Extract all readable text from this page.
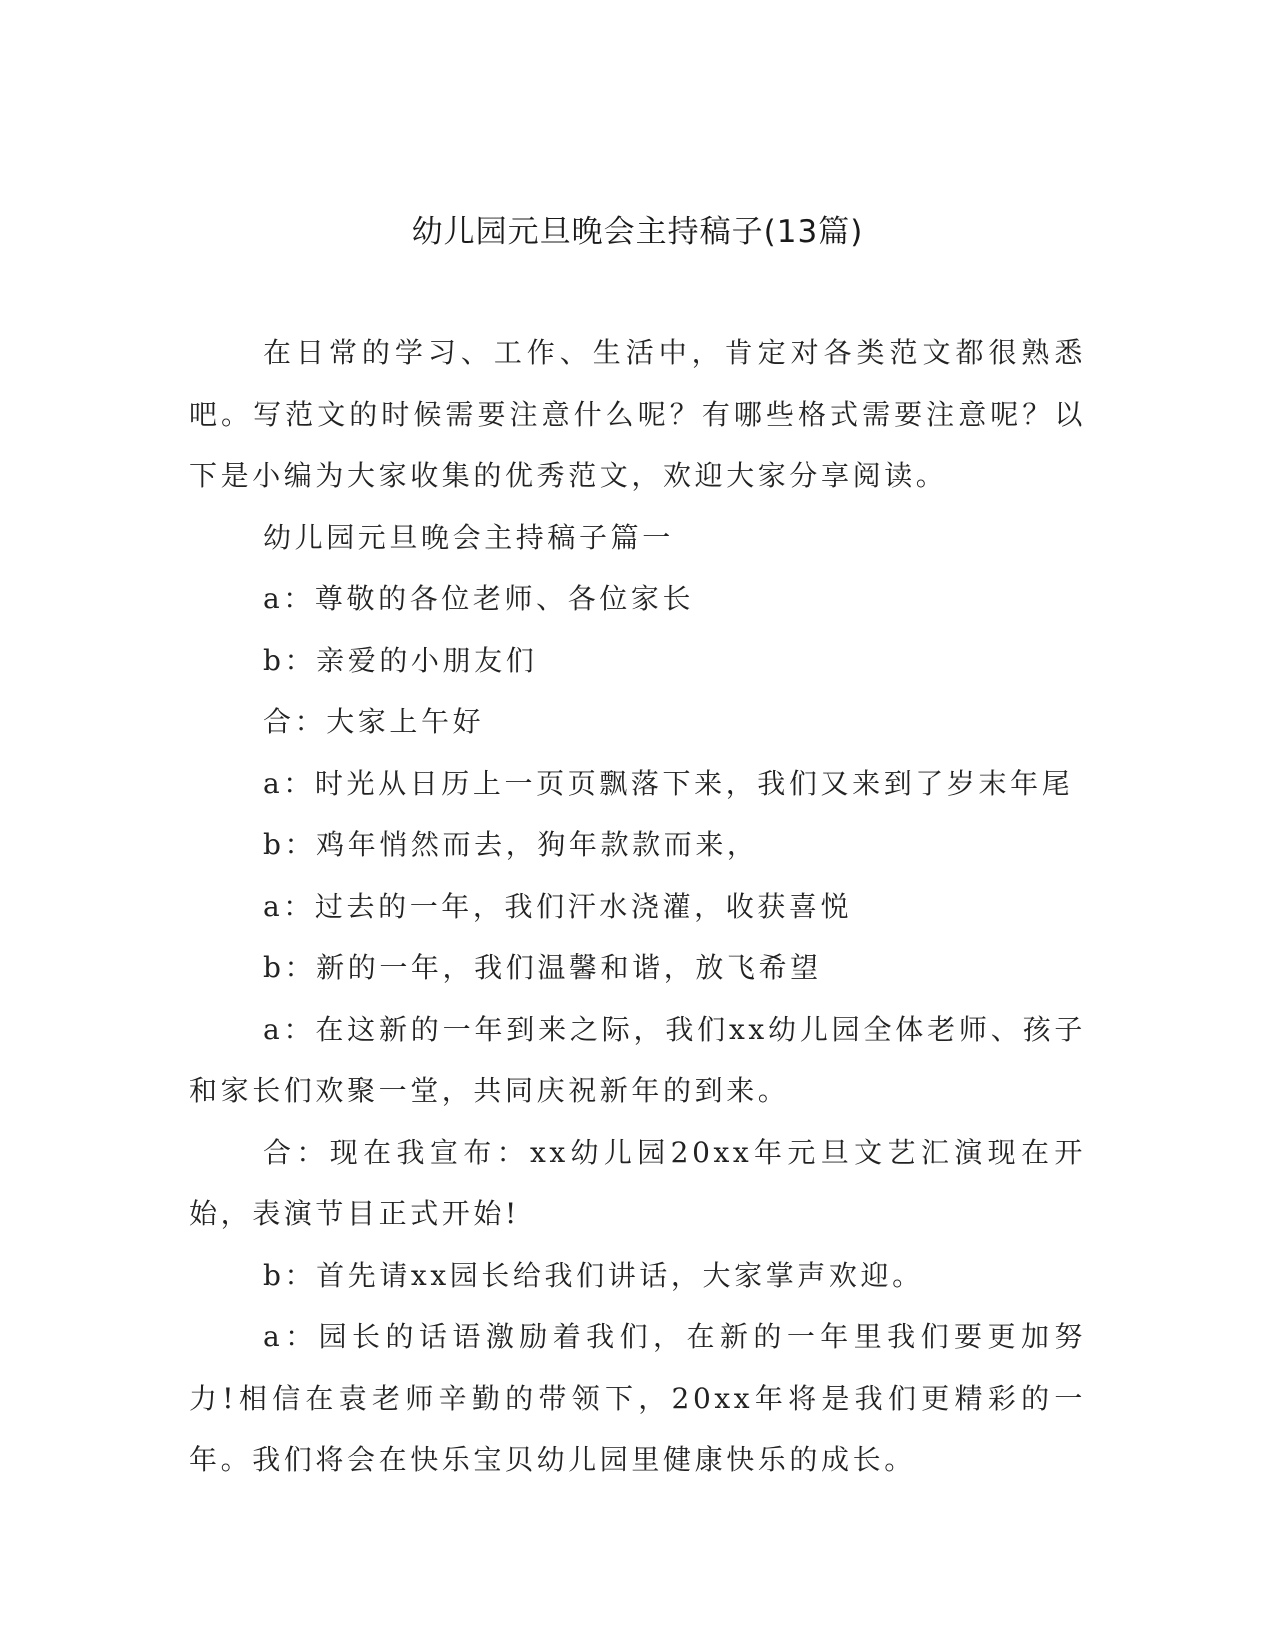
幼儿园元旦晚会主持稿子(13篇)

在日常的学习、工作、生活中，肯定对各类范文都很熟悉吧。写范文的时候需要注意什么呢？有哪些格式需要注意呢？以下是小编为大家收集的优秀范文，欢迎大家分享阅读。

幼儿园元旦晚会主持稿子篇一

a：尊敬的各位老师、各位家长

b：亲爱的小朋友们

合：大家上午好

a：时光从日历上一页页飘落下来，我们又来到了岁末年尾

b：鸡年悄然而去，狗年款款而来，

a：过去的一年，我们汗水浇灌，收获喜悦

b：新的一年，我们温馨和谐，放飞希望

a：在这新的一年到来之际，我们xx幼儿园全体老师、孩子和家长们欢聚一堂，共同庆祝新年的到来。

合：现在我宣布：xx幼儿园20xx年元旦文艺汇演现在开始，表演节目正式开始!

b：首先请xx园长给我们讲话，大家掌声欢迎。

a：园长的话语激励着我们，在新的一年里我们要更加努力!相信在袁老师辛勤的带领下，20xx年将是我们更精彩的一年。我们将会在快乐宝贝幼儿园里健康快乐的成长。
